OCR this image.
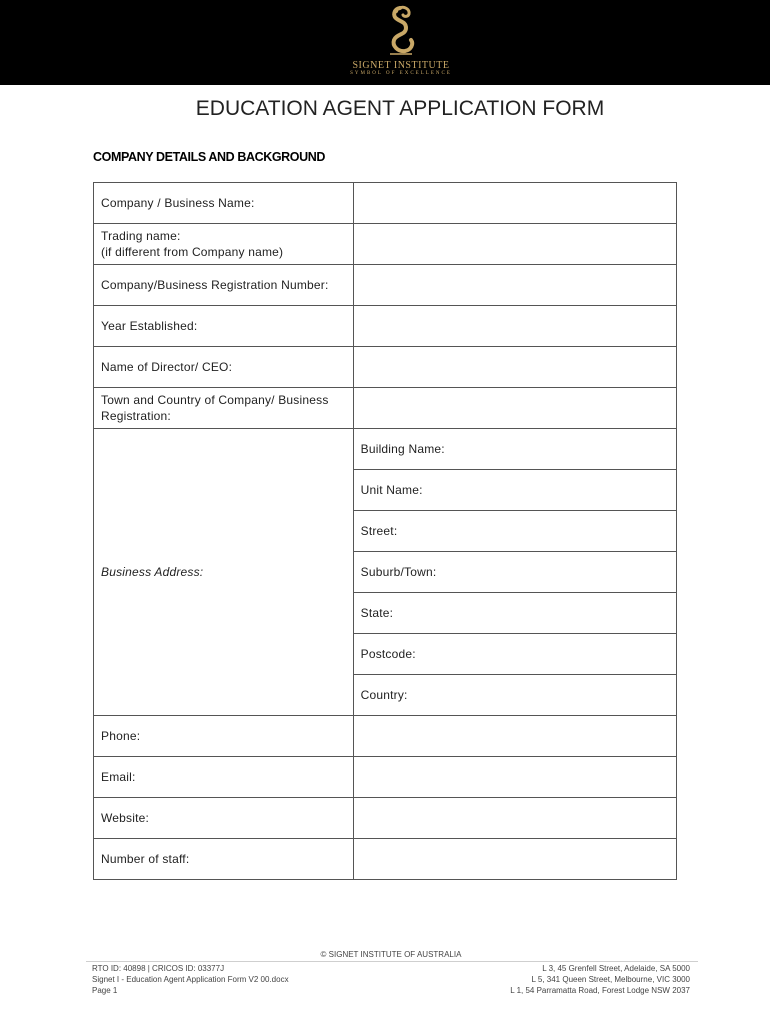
SIGNET INSTITUTE
SYMBOL OF EXCELLENCE
EDUCATION AGENT APPLICATION FORM
COMPANY DETAILS AND BACKGROUND
Company / Business Name:	

Trading name:
(if different from Company name)	

Company/Business Registration Number:	
Year Established:	
Name of Director/ CEO:	

Town and Country of Company/ Business
Registration:	

Business Address:	Building Name:
	Unit Name:
	Street:
	Suburb/Town:
	State:
	Postcode:
	Country:
Phone:	
Email:	
Website:	
Number of staff:	
© SIGNET INSTITUTE OF AUSTRALIA
RTO ID: 40898 | CRICOS ID: 03377J
Signet I - Education Agent Application Form V2 00.docx
Page 1
L 3, 45 Grenfell Street, Adelaide, SA 5000
L 5, 341 Queen Street, Melbourne, VIC 3000
L 1, 54 Parramatta Road, Forest Lodge NSW 2037
